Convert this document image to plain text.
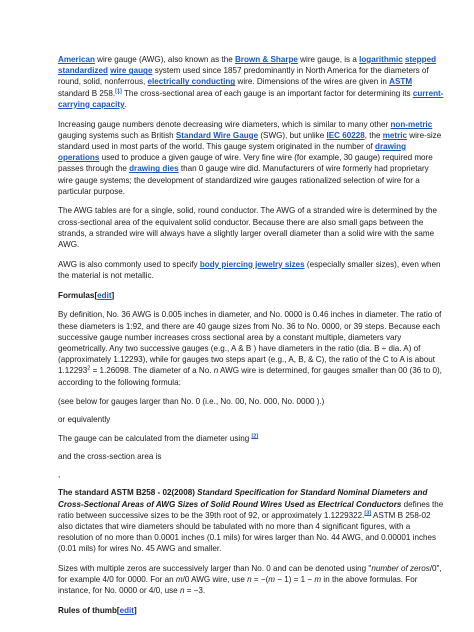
American wire gauge (AWG), also known as the Brown & Sharpe wire gauge, is a logarithmic stepped standardized wire gauge system used since 1857 predominantly in North America for the diameters of round, solid, nonferrous, electrically conducting wire. Dimensions of the wires are given in ASTM standard B 258.[1] The cross-sectional area of each gauge is an important factor for determining its current-carrying capacity.

Increasing gauge numbers denote decreasing wire diameters, which is similar to many other non-metric gauging systems such as British Standard Wire Gauge (SWG), but unlike IEC 60228, the metric wire-size standard used in most parts of the world. This gauge system originated in the number of drawing operations used to produce a given gauge of wire. Very fine wire (for example, 30 gauge) required more passes through the drawing dies than 0 gauge wire did. Manufacturers of wire formerly had proprietary wire gauge systems; the development of standardized wire gauges rationalized selection of wire for a particular purpose.

The AWG tables are for a single, solid, round conductor. The AWG of a stranded wire is determined by the cross-sectional area of the equivalent solid conductor. Because there are also small gaps between the strands, a stranded wire will always have a slightly larger overall diameter than a solid wire with the same AWG.

AWG is also commonly used to specify body piercing jewelry sizes (especially smaller sizes), even when the material is not metallic.

Formulas[edit]

By definition, No. 36 AWG is 0.005 inches in diameter, and No. 0000 is 0.46 inches in diameter. The ratio of these diameters is 1:92, and there are 40 gauge sizes from No. 36 to No. 0000, or 39 steps. Because each successive gauge number increases cross sectional area by a constant multiple, diameters vary geometrically. Any two successive gauges (e.g., A & B ) have diameters in the ratio (dia. B ÷ dia. A) of (approximately 1.12293), while for gauges two steps apart (e.g., A, B, & C), the ratio of the C to A is about $1.12293^2 = 1.26098$. The diameter of a No. n AWG wire is determined, for gauges smaller than 00 (36 to 0), according to the following formula:

(see below for gauges larger than No. 0 (i.e., No. 00, No. 000, No. 0000 ).)

or equivalently

The gauge can be calculated from the diameter using [2]

and the cross-section area is

,

The standard ASTM B258 - 02(2008) Standard Specification for Standard Nominal Diameters and Cross-Sectional Areas of AWG Sizes of Solid Round Wires Used as Electrical Conductors defines the ratio between successive sizes to be the 39th root of 92, or approximately 1.1229322.[3] ASTM B 258-02 also dictates that wire diameters should be tabulated with no more than 4 significant figures, with a resolution of no more than 0.0001 inches (0.1 mils) for wires larger than No. 44 AWG, and 0.00001 inches (0.01 mils) for wires No. 45 AWG and smaller.

Sizes with multiple zeros are successively larger than No. 0 and can be denoted using "number of zeros/0", for example 4/0 for 0000. For an m/0 AWG wire, use n = −(m − 1) = 1 − m in the above formulas. For instance, for No. 0000 or 4/0, use n = −3.

Rules of thumb[edit]
